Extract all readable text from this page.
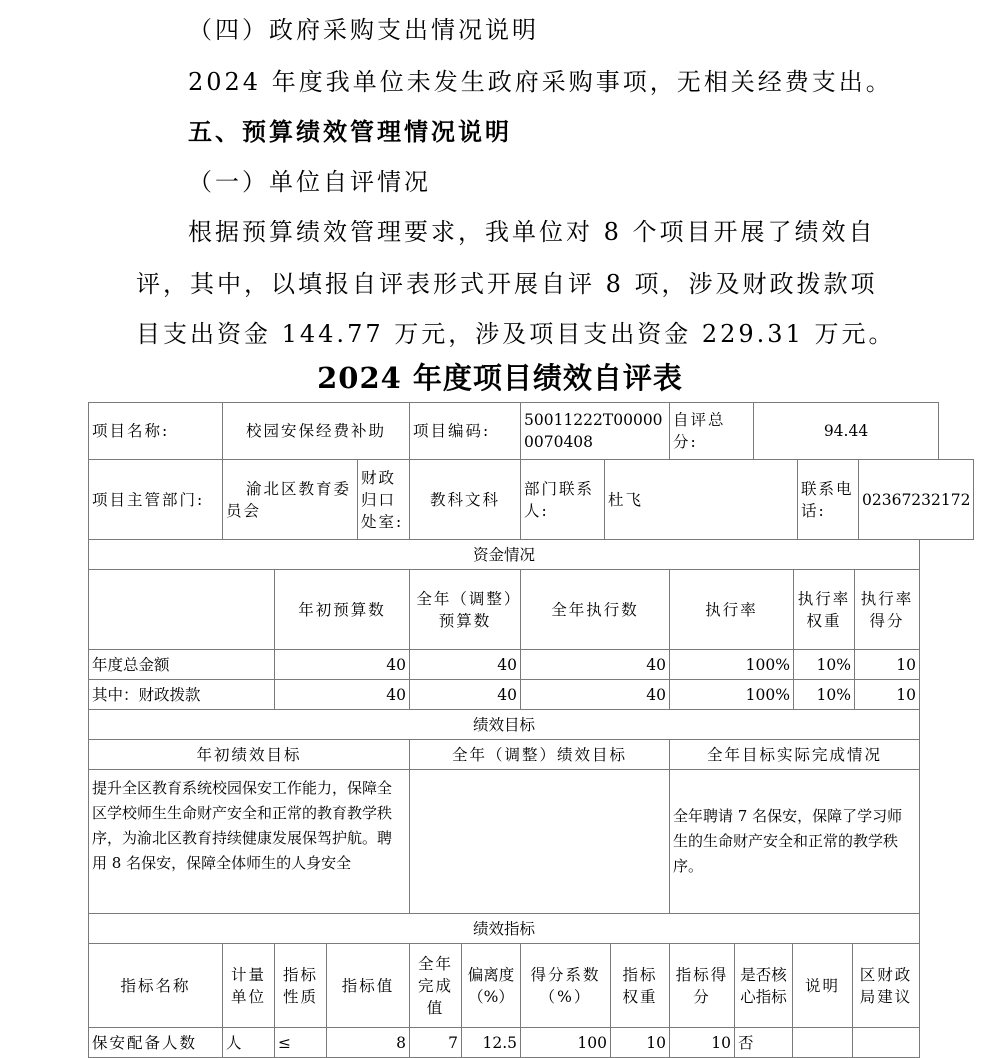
（四）政府采购支出情况说明
2024 年度我单位未发生政府采购事项，无相关经费支出。
五、预算绩效管理情况说明
（一）单位自评情况
根据预算绩效管理要求，我单位对 8 个项目开展了绩效自
评，其中，以填报自评表形式开展自评 8 项，涉及财政拨款项
目支出资金 144.77 万元，涉及项目支出资金 229.31 万元。
2024 年度项目绩效自评表
项目名称:	校园安保经费补助	项目编码:	50011222T000000070408	自评总分:	94.44
项目主管部门:	渝北区教育委员会	财政归口处室:	教科文科	部门联系人:	杜飞	联系电话:	02367232172
资金情况						
	年初预算数	全年（调整）预算数	全年执行数	执行率	执行率权重	执行率得分
年度总金额	40	40	40	100%	10%	10
其中：财政拨款	40	40	40	100%	10%	10
绩效目标		
年初绩效目标	全年（调整）绩效目标	全年目标实际完成情况
提升全区教育系统校园保安工作能力，保障全区学校师生生命财产安全和正常的教育教学秩序，为渝北区教育持续健康发展保驾护航。聘用 8 名保安，保障全体师生的人身安全		全年聘请 7 名保安，保障了学习师生的生命财产安全和正常的教学秩序。
绩效指标											
指标名称	计量单位	指标性质	指标值	全年完成值	偏离度（%）	得分系数（%）	指标权重	指标得分	是否核心指标	说明	区财政局建议
保安配备人数	人	≤	8	7	12.5	100	10	10	否		
